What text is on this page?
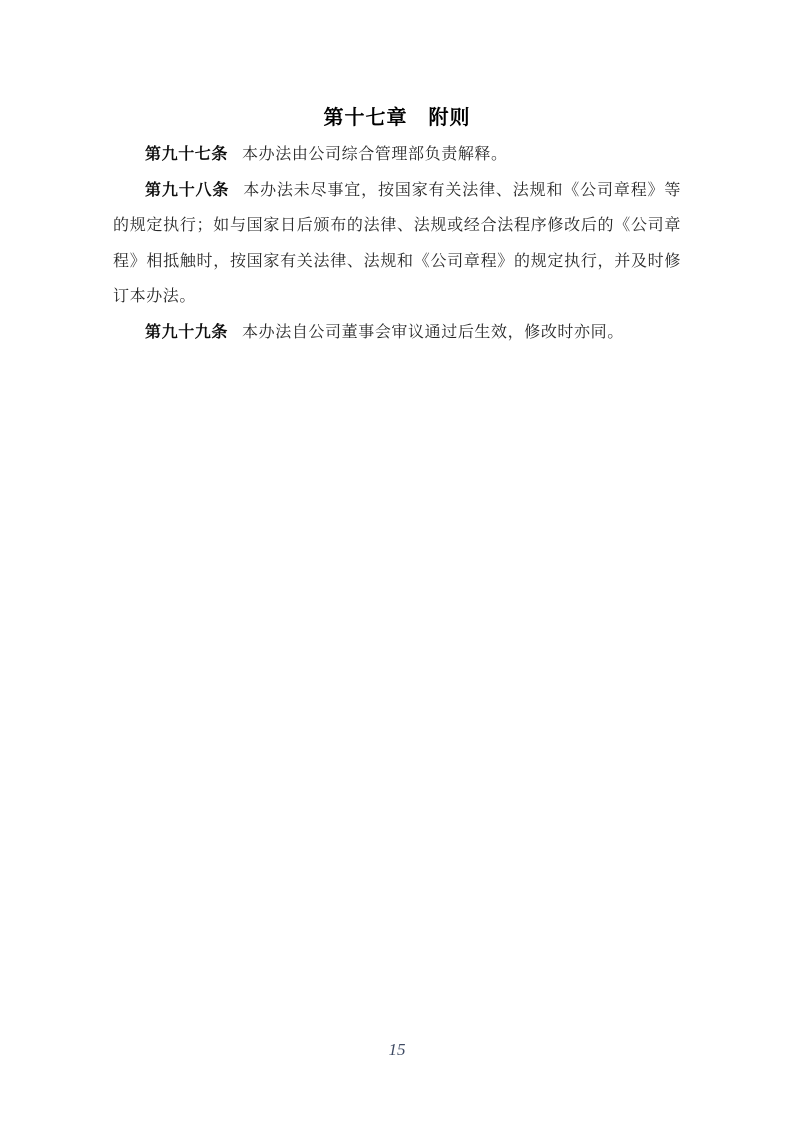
第十七章　附则

第九十七条 本办法由公司综合管理部负责解释。

第九十八条 本办法未尽事宜，按国家有关法律、法规和《公司章程》等的规定执行；如与国家日后颁布的法律、法规或经合法程序修改后的《公司章程》相抵触时，按国家有关法律、法规和《公司章程》的规定执行，并及时修订本办法。

第九十九条 本办法自公司董事会审议通过后生效，修改时亦同。

15
